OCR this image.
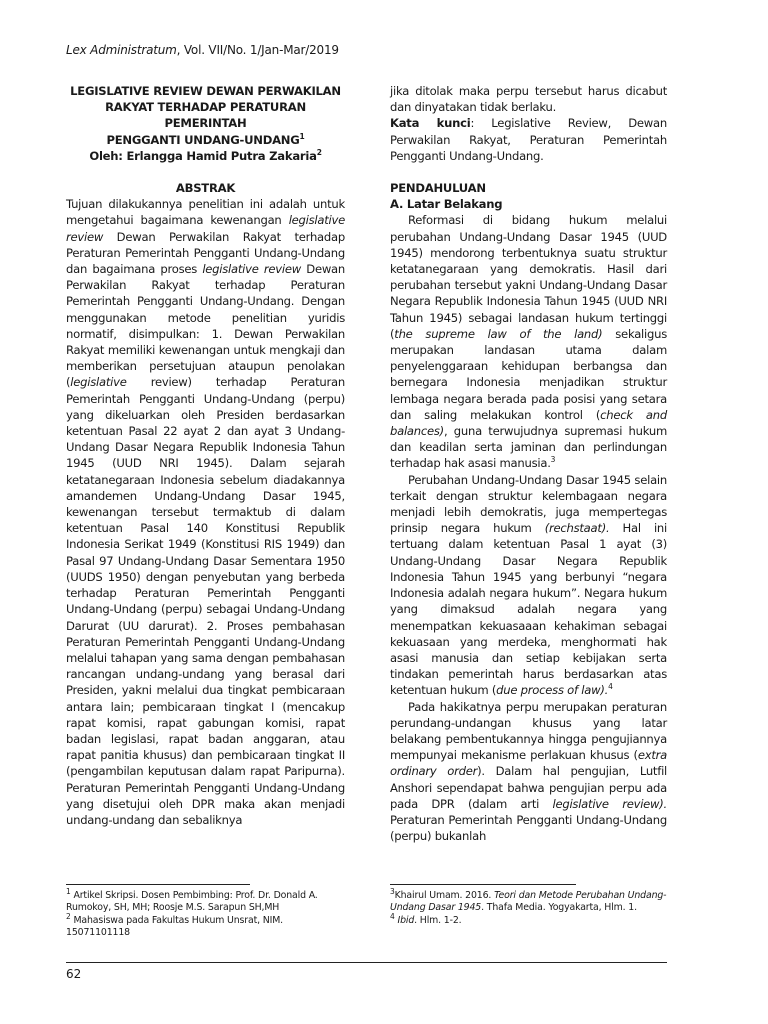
Lex Administratum, Vol. VII/No. 1/Jan-Mar/2019
LEGISLATIVE REVIEW DEWAN PERWAKILAN
RAKYAT TERHADAP PERATURAN PEMERINTAH
PENGGANTI UNDANG-UNDANG$^1$
Oleh: Erlangga Hamid Putra Zakaria$^2$
ABSTRAK

Tujuan dilakukannya penelitian ini adalah untuk mengetahui bagaimana kewenangan legislative review Dewan Perwakilan Rakyat terhadap Peraturan Pemerintah Pengganti Undang-Undang dan bagaimana proses legislative review Dewan Perwakilan Rakyat terhadap Peraturan Pemerintah Pengganti Undang-Undang. Dengan menggunakan metode penelitian yuridis normatif, disimpulkan: 1. Dewan Perwakilan Rakyat memiliki kewenangan untuk mengkaji dan memberikan persetujuan ataupun penolakan (legislative review) terhadap Peraturan Pemerintah Pengganti Undang-Undang (perpu) yang dikeluarkan oleh Presiden berdasarkan ketentuan Pasal 22 ayat 2 dan ayat 3 Undang-Undang Dasar Negara Republik Indonesia Tahun 1945 (UUD NRI 1945). Dalam sejarah ketatanegaraan Indonesia sebelum diadakannya amandemen Undang-Undang Dasar 1945, kewenangan tersebut termaktub di dalam ketentuan Pasal 140 Konstitusi Republik Indonesia Serikat 1949 (Konstitusi RIS 1949) dan Pasal 97 Undang-Undang Dasar Sementara 1950 (UUDS 1950) dengan penyebutan yang berbeda terhadap Peraturan Pemerintah Pengganti Undang-Undang (perpu) sebagai Undang-Undang Darurat (UU darurat). 2. Proses pembahasan Peraturan Pemerintah Pengganti Undang-Undang melalui tahapan yang sama dengan pembahasan rancangan undang-undang yang berasal dari Presiden, yakni melalui dua tingkat pembicaraan antara lain; pembicaraan tingkat I (mencakup rapat komisi, rapat gabungan komisi, rapat badan legislasi, rapat badan anggaran, atau rapat panitia khusus) dan pembicaraan tingkat II (pengambilan keputusan dalam rapat Paripurna). Peraturan Pemerintah Pengganti Undang-Undang yang disetujui oleh DPR maka akan menjadi undang-undang dan sebaliknya

jika ditolak maka perpu tersebut harus dicabut dan dinyatakan tidak berlaku.

Kata kunci: Legislative Review, Dewan Perwakilan Rakyat, Peraturan Pemerintah Pengganti Undang-Undang.

PENDAHULUAN
A. Latar Belakang

Reformasi di bidang hukum melalui perubahan Undang-Undang Dasar 1945 (UUD 1945) mendorong terbentuknya suatu struktur ketatanegaraan yang demokratis. Hasil dari perubahan tersebut yakni Undang-Undang Dasar Negara Republik Indonesia Tahun 1945 (UUD NRI Tahun 1945) sebagai landasan hukum tertinggi (the supreme law of the land) sekaligus merupakan landasan utama dalam penyelenggaraan kehidupan berbangsa dan bernegara Indonesia menjadikan struktur lembaga negara berada pada posisi yang setara dan saling melakukan kontrol (check and balances), guna terwujudnya supremasi hukum dan keadilan serta jaminan dan perlindungan terhadap hak asasi manusia.$^3$

Perubahan Undang-Undang Dasar 1945 selain terkait dengan struktur kelembagaan negara menjadi lebih demokratis, juga mempertegas prinsip negara hukum (rechstaat). Hal ini tertuang dalam ketentuan Pasal 1 ayat (3) Undang-Undang Dasar Negara Republik Indonesia Tahun 1945 yang berbunyi “negara Indonesia adalah negara hukum”. Negara hukum yang dimaksud adalah negara yang menempatkan kekuasaaan kehakiman sebagai kekuasaan yang merdeka, menghormati hak asasi manusia dan setiap kebijakan serta tindakan pemerintah harus berdasarkan atas ketentuan hukum (due process of law).$^4$

Pada hakikatnya perpu merupakan peraturan perundang-undangan khusus yang latar belakang pembentukannya hingga pengujiannya mempunyai mekanisme perlakuan khusus (extra ordinary order). Dalam hal pengujian, Lutfil Anshori sependapat bahwa pengujian perpu ada pada DPR (dalam arti legislative review). Peraturan Pemerintah Pengganti Undang-Undang (perpu) bukanlah

$^1$ Artikel Skripsi. Dosen Pembimbing: Prof. Dr. Donald A. Rumokoy, SH, MH; Roosje M.S. Sarapun SH,MH
$^2$ Mahasiswa pada Fakultas Hukum Unsrat, NIM. 15071101118
$^3$Khairul Umam. 2016. Teori dan Metode Perubahan Undang-Undang Dasar 1945. Thafa Media. Yogyakarta, Hlm. 1.
$^4$ Ibid. Hlm. 1-2.
62
